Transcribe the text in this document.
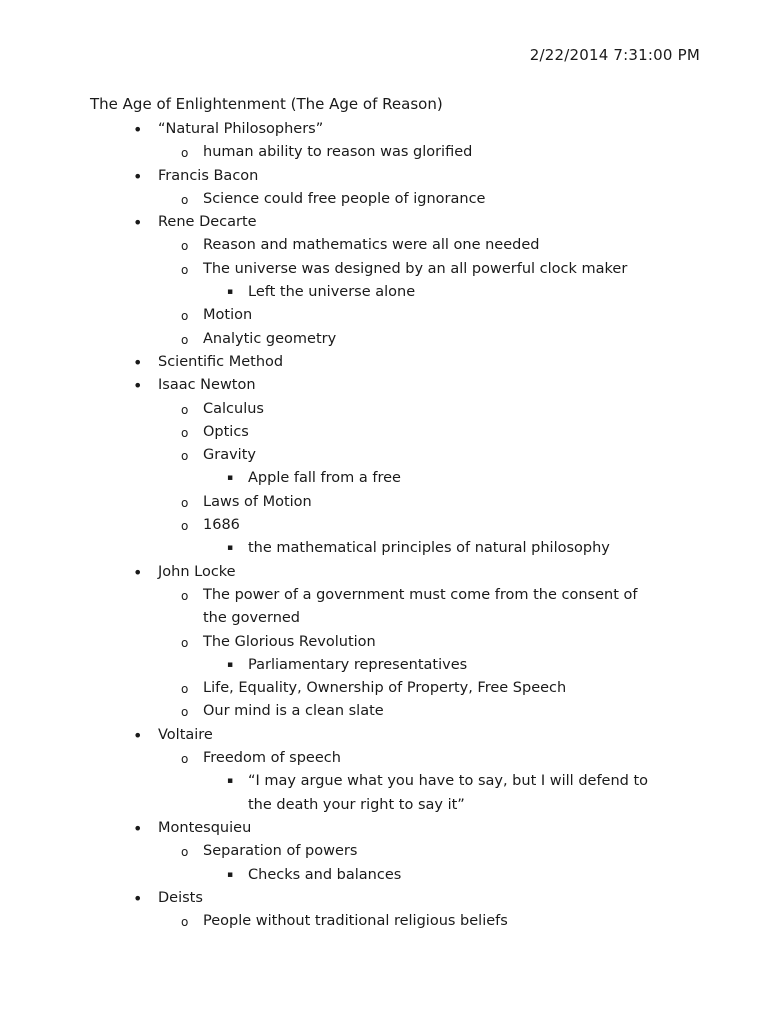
2/22/2014 7:31:00 PM
The Age of Enlightenment (The Age of Reason)
• “Natural Philosophers”
o human ability to reason was glorified
• Francis Bacon
o Science could free people of ignorance
• Rene Decarte
o Reason and mathematics were all one needed
o The universe was designed by an all powerful clock maker
▪ Left the universe alone
o Motion
o Analytic geometry
• Scientific Method
• Isaac Newton
o Calculus
o Optics
o Gravity
▪ Apple fall from a free
o Laws of Motion
o 1686
▪ the mathematical principles of natural philosophy
• John Locke
o The power of a government must come from the consent of
the governed
o The Glorious Revolution
▪ Parliamentary representatives
o Life, Equality, Ownership of Property, Free Speech
o Our mind is a clean slate
• Voltaire
o Freedom of speech
▪ “I may argue what you have to say, but I will defend to
the death your right to say it”
• Montesquieu
o Separation of powers
▪ Checks and balances
• Deists
o People without traditional religious beliefs
